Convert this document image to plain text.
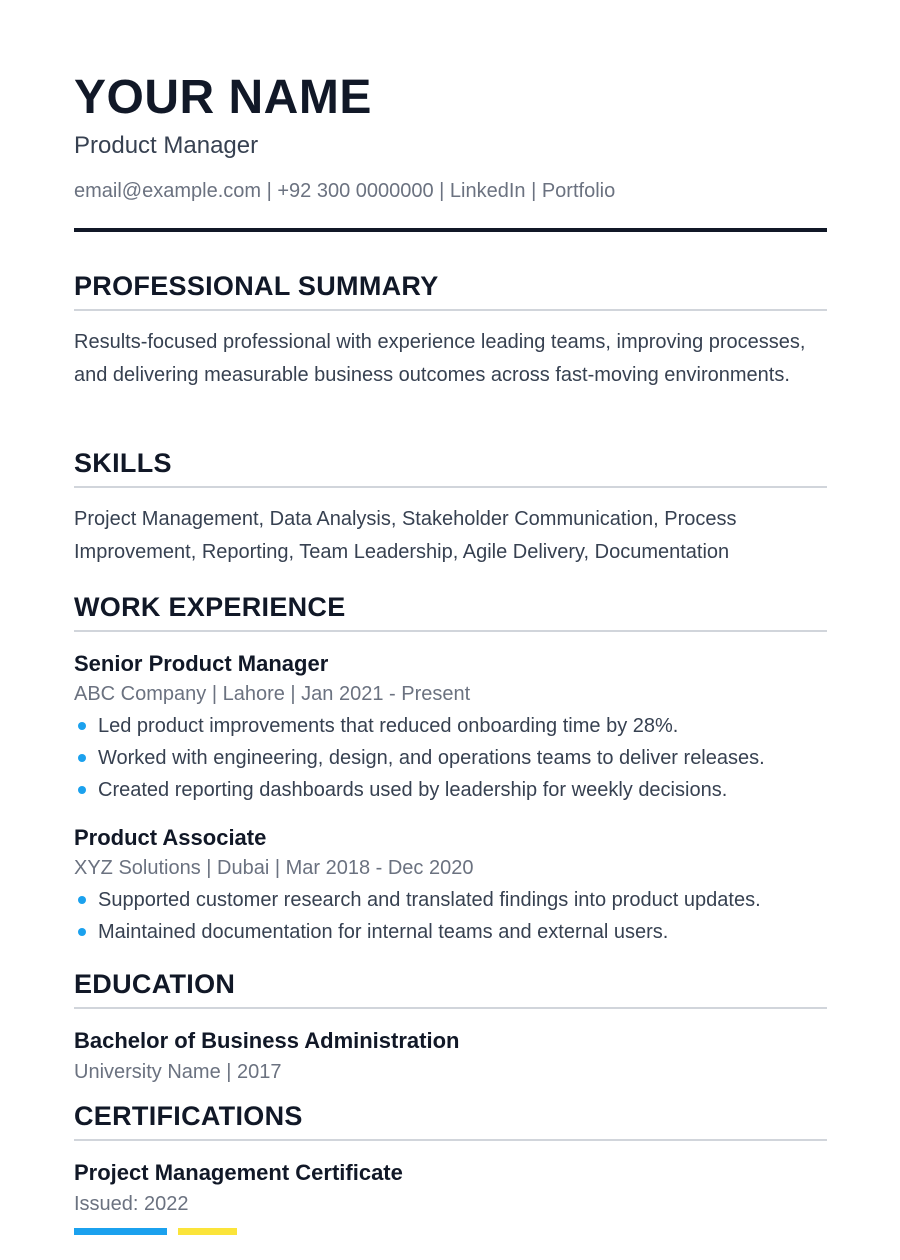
YOUR NAME
Product Manager
email@example.com | +92 300 0000000 | LinkedIn | Portfolio
PROFESSIONAL SUMMARY
Results-focused professional with experience leading teams, improving processes, and delivering measurable business outcomes across fast-moving environments.
SKILLS
Project Management, Data Analysis, Stakeholder Communication, Process Improvement, Reporting, Team Leadership, Agile Delivery, Documentation
WORK EXPERIENCE
Senior Product Manager
ABC Company | Lahore | Jan 2021 - Present
Led product improvements that reduced onboarding time by 28%.
Worked with engineering, design, and operations teams to deliver releases.
Created reporting dashboards used by leadership for weekly decisions.
Product Associate
XYZ Solutions | Dubai | Mar 2018 - Dec 2020
Supported customer research and translated findings into product updates.
Maintained documentation for internal teams and external users.
EDUCATION
Bachelor of Business Administration
University Name | 2017
CERTIFICATIONS
Project Management Certificate
Issued: 2022
